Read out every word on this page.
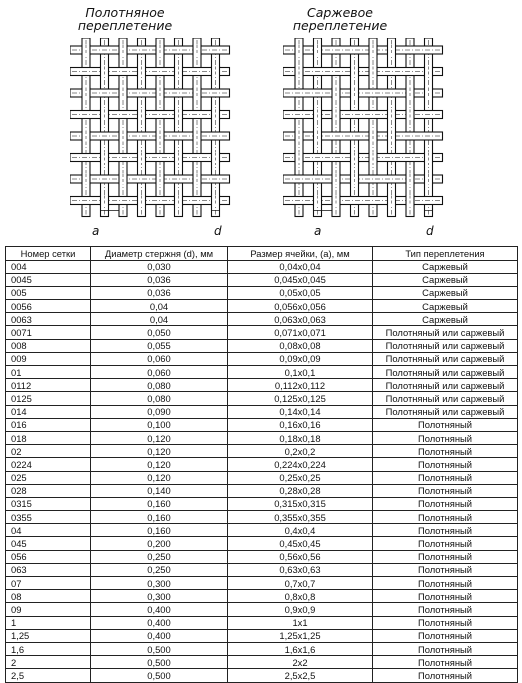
Полотняное
переплетение
Саржевое
переплетение
a	d	a	d
Номер сетки	Диаметр стержня (d), мм	Размер ячейки, (a), мм	Тип переплетения
004	0,030	0,04x0,04	Саржевый
0045	0,036	0,045x0,045	Саржевый
005	0,036	0,05x0,05	Саржевый
0056	0,04	0,056x0,056	Саржевый
0063	0,04	0,063x0,063	Саржевый
0071	0,050	0,071x0,071	Полотняный или саржевый
008	0,055	0,08x0,08	Полотняный или саржевый
009	0,060	0,09x0,09	Полотняный или саржевый
01	0,060	0,1x0,1	Полотняный или саржевый
0112	0,080	0,112x0,112	Полотняный или саржевый
0125	0,080	0,125x0,125	Полотняный или саржевый
014	0,090	0,14x0,14	Полотняный или саржевый
016	0,100	0,16x0,16	Полотняный
018	0,120	0,18x0,18	Полотняный
02	0,120	0,2x0,2	Полотняный
0224	0,120	0,224x0,224	Полотняный
025	0,120	0,25x0,25	Полотняный
028	0,140	0,28x0,28	Полотняный
0315	0,160	0,315x0,315	Полотняный
0355	0,160	0,355x0,355	Полотняный
04	0,160	0,4x0,4	Полотняный
045	0,200	0,45x0,45	Полотняный
056	0,250	0,56x0,56	Полотняный
063	0,250	0,63x0,63	Полотняный
07	0,300	0,7x0,7	Полотняный
08	0,300	0,8x0,8	Полотняный
09	0,400	0,9x0,9	Полотняный
1	0,400	1x1	Полотняный
1,25	0,400	1,25x1,25	Полотняный
1,6	0,500	1,6x1,6	Полотняный
2	0,500	2x2	Полотняный
2,5	0,500	2,5x2,5	Полотняный
